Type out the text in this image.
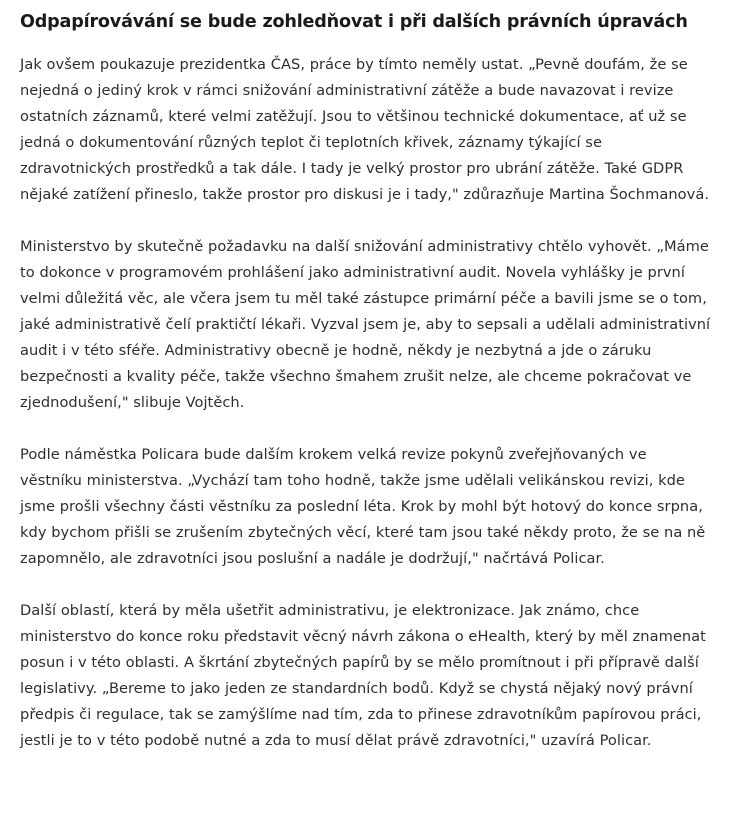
Odpapírovávání se bude zohledňovat i při dalších právních úpravách

Jak ovšem poukazuje prezidentka ČAS, práce by tímto neměly ustat. „Pevně doufám, že se nejedná o jediný krok v rámci snižování administrativní zátěže a bude navazovat i revize ostatních záznamů, které velmi zatěžují. Jsou to většinou technické dokumentace, ať už se jedná o dokumentování různých teplot či teplotních křivek, záznamy týkající se zdravotnických prostředků a tak dále. I tady je velký prostor pro ubrání zátěže. Také GDPR nějaké zatížení přineslo, takže prostor pro diskusi je i tady," zdůrazňuje Martina Šochmanová.

Ministerstvo by skutečně požadavku na další snižování administrativy chtělo vyhovět. „Máme to dokonce v programovém prohlášení jako administrativní audit. Novela vyhlášky je první velmi důležitá věc, ale včera jsem tu měl také zástupce primární péče a bavili jsme se o tom, jaké administrativě čelí praktičtí lékaři. Vyzval jsem je, aby to sepsali a udělali administrativní audit i v této sféře. Administrativy obecně je hodně, někdy je nezbytná a jde o záruku bezpečnosti a kvality péče, takže všechno šmahem zrušit nelze, ale chceme pokračovat ve zjednodušení," slibuje Vojtěch.

Podle náměstka Policara bude dalším krokem velká revize pokynů zveřejňovaných ve věstníku ministerstva. „Vychází tam toho hodně, takže jsme udělali velikánskou revizi, kde jsme prošli všechny části věstníku za poslední léta. Krok by mohl být hotový do konce srpna, kdy bychom přišli se zrušením zbytečných věcí, které tam jsou také někdy proto, že se na ně zapomnělo, ale zdravotníci jsou poslušní a nadále je dodržují," načrtává Policar.

Další oblastí, která by měla ušetřit administrativu, je elektronizace. Jak známo, chce ministerstvo do konce roku představit věcný návrh zákona o eHealth, který by měl znamenat posun i v této oblasti. A škrtání zbytečných papírů by se mělo promítnout i při přípravě další legislativy. „Bereme to jako jeden ze standardních bodů. Když se chystá nějaký nový právní předpis či regulace, tak se zamýšlíme nad tím, zda to přinese zdravotníkům papírovou práci, jestli je to v této podobě nutné a zda to musí dělat právě zdravotníci," uzavírá Policar.
